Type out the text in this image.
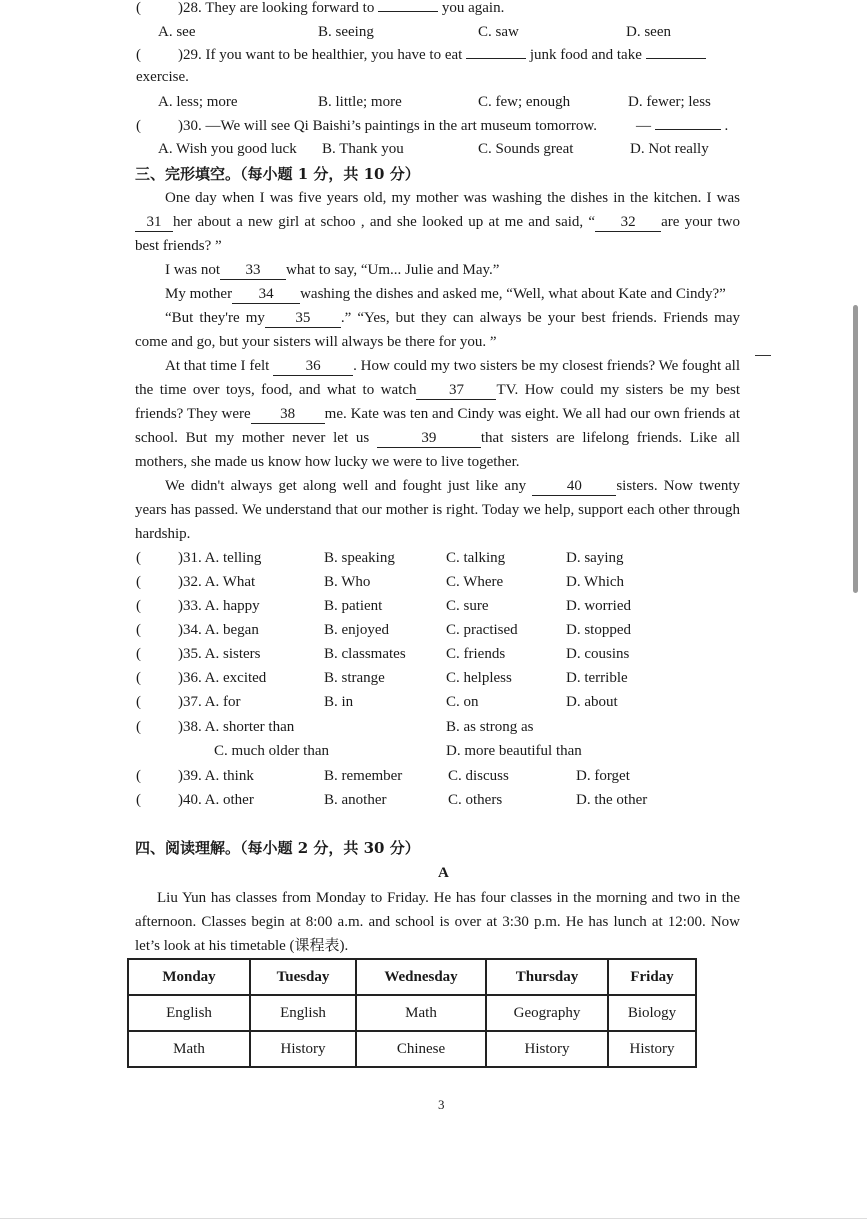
( )28. They are looking forward to	you again.
A. see	B. seeing	C. saw	D. seen
( )29. If you want to be healthier, you have to eat	junk food and take
exercise.
A. less; more	B. little; more	C. few; enough	D. fewer; less
( )30. —We will see Qi Baishi’s paintings in the art museum tomorrow.	—	.
A. Wish you good luck B. Thank you	C. Sounds great	D. Not really
三、完形填空。（每小题 1 分，共 10 分）
One day when I was five years old, my mother was washing the dishes in the kitchen. I was 31 her about a new girl at schoo , and she looked up at me and said, “ 32 are your two best friends? ”
I was not 33 what to say, “Um... Julie and May.”
My mother 34 washing the dishes and asked me, “Well, what about Kate and Cindy?”
“But they're my 35 .” “Yes, but they can always be your best friends. Friends may come and go, but your sisters will always be there for you. ”
At that time I felt 36 . How could my two sisters be my closest friends? We fought all the time over toys, food, and what to watch 37 TV. How could my sisters be my best friends? They were 38 me. Kate was ten and Cindy was eight. We all had our own friends at school. But my mother never let us	39	that sisters are lifelong friends. Like all mothers, she made us know how lucky we were to live together.
We didn't always get along well and fought just like any	40 sisters. Now twenty years has passed. We understand that our mother is right. Today we help, support each other through hardship.
( )31. A. telling	B. speaking	C. talking	D. saying
( )32. A. What	B. Who	C. Where	D. Which
( )33. A. happy	B. patient	C. sure	D. worried
( )34. A. began	B. enjoyed	C. practised	D. stopped
( )35. A. sisters	B. classmates	C. friends	D. cousins
( )36. A. excited	B. strange	C. helpless	D. terrible
( )37. A. for	B. in	C. on	D. about
( )38. A. shorter than	B. as strong as
C. much older than	D. more beautiful than
( )39. A. think	B. remember	C. discuss	D. forget
( )40. A. other	B. another	C. others	D. the other
四、阅读理解。（每小题 2 分，共 30 分）
A
Liu Yun has classes from Monday to Friday. He has four classes in the morning and two in the afternoon. Classes begin at 8:00 a.m. and school is over at 3:30 p.m. He has lunch at 12:00. Now let’s look at his timetable (课程表).
Monday	Tuesday	Wednesday	Thursday	Friday
English	English	Math	Geography	Biology
Math	History	Chinese	History	History
3
